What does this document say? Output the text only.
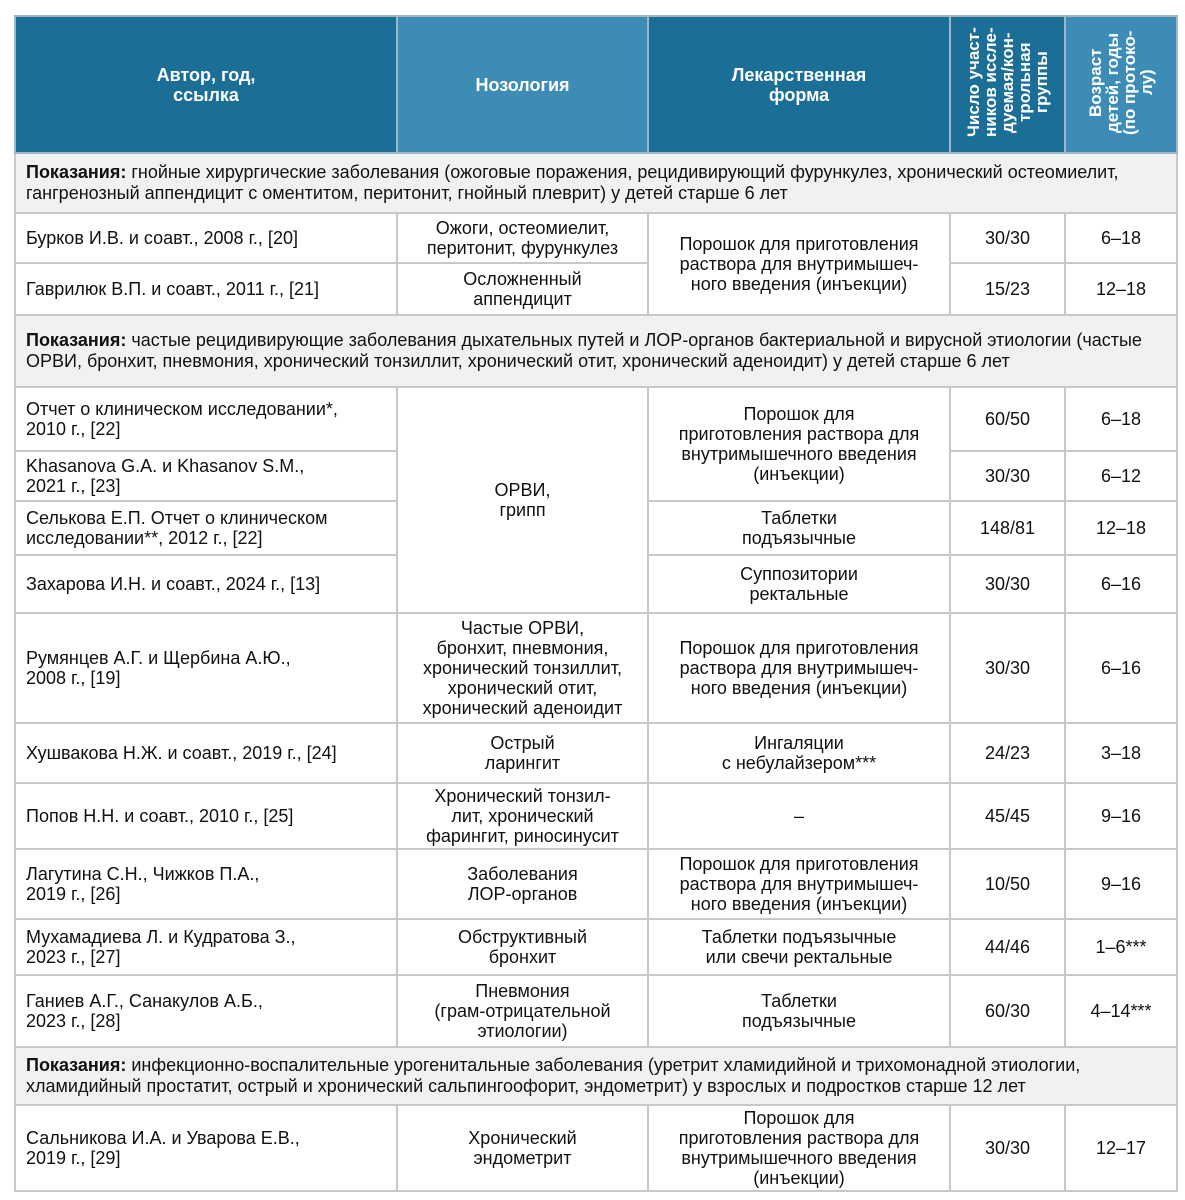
Автор, год,
ссылка	Нозология	Лекарственная
форма	Число участ-
ников иссле-
дуемая/кон-
трольная
группы	Возраст
детей, годы
(по протоко-
лу)
Показания: гнойные хирургические заболевания (ожоговые поражения, рецидивирующий фурункулез, хронический остеомиелит, гангренозный аппендицит с оментитом, перитонит, гнойный плеврит) у детей старше 6 лет				
Бурков И.В. и соавт., 2008 г., [20]	Ожоги, остеомиелит,
перитонит, фурункулез	Порошок для приготовления
раствора для внутримышеч-
ного введения (инъекции)	30/30	6–18
Гаврилюк В.П. и соавт., 2011 г., [21]	Осложненный
аппендицит		15/23	12–18
Показания: частые рецидивирующие заболевания дыхательных путей и ЛОР-органов бактериальной и вирусной этиологии (частые ОРВИ, бронхит, пневмония, хронический тонзиллит, хронический отит, хронический аденоидит) у детей старше 6 лет				
Отчет о клиническом исследовании*,
2010 г., [22]	ОРВИ,
грипп	Порошок для
приготовления раствора для
внутримышечного введения
(инъекции)	60/50	6–18
Khasanova G.A. и Khasanov S.M.,
2021 г., [23]			30/30	6–12
Селькова Е.П. Отчет о клиническом
исследовании**, 2012 г., [22]		Таблетки
подъязычные	148/81	12–18
Захарова И.Н. и соавт., 2024 г., [13]		Суппозитории
ректальные	30/30	6–16
Румянцев А.Г. и Щербина А.Ю.,
2008 г., [19]	Частые ОРВИ,
бронхит, пневмония,
хронический тонзиллит,
хронический отит,
хронический аденоидит	Порошок для приготовления
раствора для внутримышеч-
ного введения (инъекции)	30/30	6–16
Хушвакова Н.Ж. и соавт., 2019 г., [24]	Острый
ларингит	Ингаляции
с небулайзером***	24/23	3–18
Попов Н.Н. и соавт., 2010 г., [25]	Хронический тонзил-
лит, хронический
фарингит, риносинусит	–	45/45	9–16
Лагутина С.Н., Чижков П.А.,
2019 г., [26]	Заболевания
ЛОР-органов	Порошок для приготовления
раствора для внутримышеч-
ного введения (инъекции)	10/50	9–16
Мухамадиева Л. и Кудратова З.,
2023 г., [27]	Обструктивный
бронхит	Таблетки подъязычные
или свечи ректальные	44/46	1–6***
Ганиев А.Г., Санакулов А.Б.,
2023 г., [28]	Пневмония
(грам-отрицательной
этиологии)	Таблетки
подъязычные	60/30	4–14***
Показания: инфекционно-воспалительные урогенитальные заболевания (уретрит хламидийной и трихомонадной этиологии, хламидийный простатит, острый и хронический сальпингоофорит, эндометрит) у взрослых и подростков старше 12 лет				
Сальникова И.А. и Уварова Е.В.,
2019 г., [29]	Хронический
эндометрит	Порошок для
приготовления раствора для
внутримышечного введения
(инъекции)	30/30	12–17
